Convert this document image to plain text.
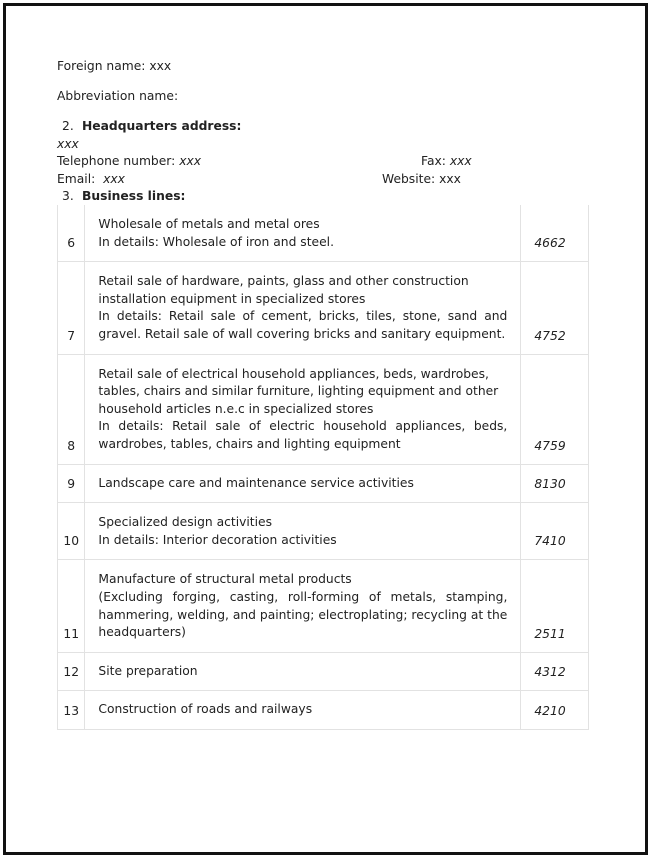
Foreign name: xxx
Abbreviation name:
2. Headquarters address:
xxx
Telephone number: xxx	Fax: xxx
Email: xxx	Website: xxx
3. Business lines:
6	Wholesale of metals and metal ores
In details: Wholesale of iron and steel.	4662
7	Retail sale of hardware, paints, glass and other construction
installation equipment in specialized stores
In details: Retail sale of cement, bricks, tiles, stone, sand and
gravel. Retail sale of wall covering bricks and sanitary equipment.	4752
8	Retail sale of electrical household appliances, beds, wardrobes,
tables, chairs and similar furniture, lighting equipment and other
household articles n.e.c in specialized stores
In details: Retail sale of electric household appliances, beds,
wardrobes, tables, chairs and lighting equipment	4759
9	Landscape care and maintenance service activities	8130
10	Specialized design activities
In details: Interior decoration activities	7410
11	Manufacture of structural metal products
(Excluding forging, casting, roll-forming of metals, stamping,
hammering, welding, and painting; electroplating; recycling at the
headquarters)	2511
12	Site preparation	4312
13	Construction of roads and railways	4210
